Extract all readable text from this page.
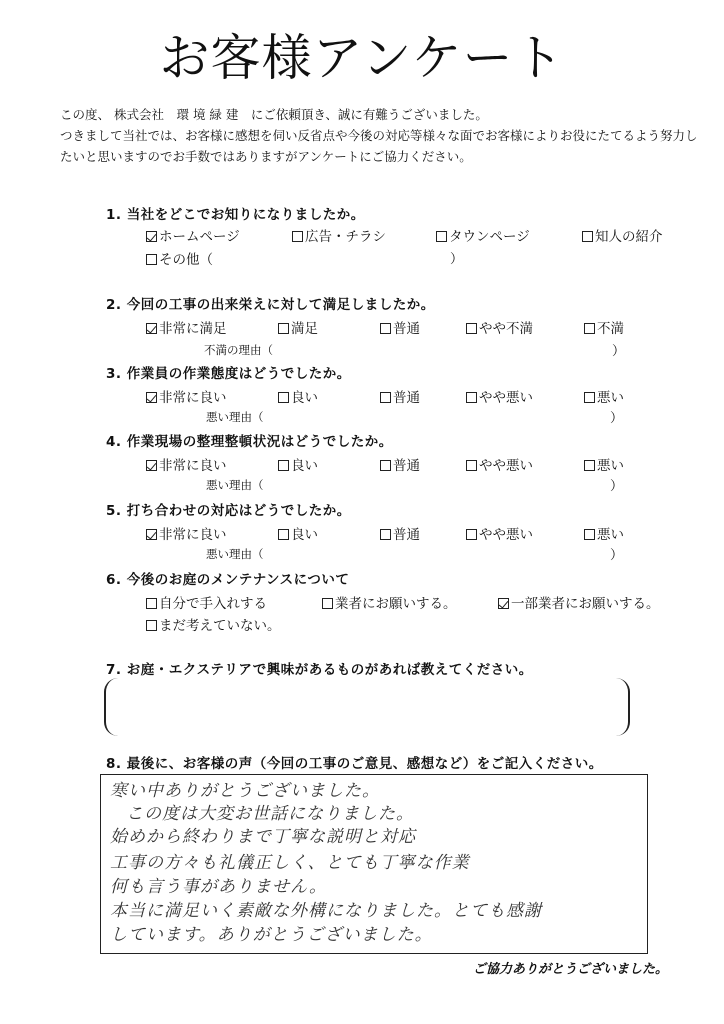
お客様アンケート

この度、 株式会社　環 境 緑 建　にご依頼頂き、誠に有難うございました。

つきまして当社では、お客様に感想を伺い反省点や今後の対応等様々な面でお客様によりお役にたてるよう努力し

たいと思いますのでお手数ではありますがアンケートにご協力ください。

1. 当社をどこでお知りになりましたか。
ホームページ	広告・チラシ	タウンページ	知人の紹介
その他（	）
2. 今回の工事の出来栄えに対して満足しましたか。
非常に満足	満足	普通	やや不満	不満
不満の理由（	）
3. 作業員の作業態度はどうでしたか。
非常に良い	良い	普通	やや悪い	悪い
悪い理由（	）
4. 作業現場の整理整頓状況はどうでしたか。
非常に良い	良い	普通	やや悪い	悪い
悪い理由（	）
5. 打ち合わせの対応はどうでしたか。
非常に良い	良い	普通	やや悪い	悪い
悪い理由（	）
6. 今後のお庭のメンテナンスについて
自分で手入れする	業者にお願いする。	一部業者にお願いする。
まだ考えていない。
7. お庭・エクステリアで興味があるものがあれば教えてください。
8. 最後に、お客様の声（今回の工事のご意見、感想など）をご記入ください。
寒い中ありがとうございました。
この度は大変お世話になりました。
始めから終わりまで丁寧な説明と対応
工事の方々も礼儀正しく、とても丁寧な作業
何も言う事がありません。
本当に満足いく素敵な外構になりました。とても感謝
しています。ありがとうございました。
ご協力ありがとうございました。
